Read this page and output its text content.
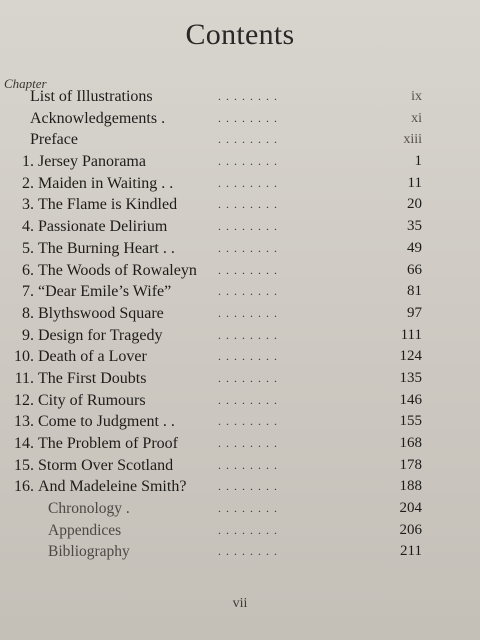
Contents
Chapter
List of Illustrations	. . . . . . . .	ix
Acknowledgements .	. . . . . . . .	xi
Preface	. . . . . . . .	xiii
1. Jersey Panorama	. . . . . . . .	1
2. Maiden in Waiting . .	. . . . . . . .	11
3. The Flame is Kindled	. . . . . . . .	20
4. Passionate Delirium	. . . . . . . .	35
5. The Burning Heart . .	. . . . . . . .	49
6. The Woods of Rowaleyn . . . . . . . .	66
7. “Dear Emile’s Wife”	. . . . . . . .	81
8. Blythswood Square	. . . . . . . .	97
9. Design for Tragedy	. . . . . . . .	111
10. Death of a Lover	. . . . . . . .	124
11. The First Doubts	. . . . . . . .	135
12. City of Rumours	. . . . . . . .	146
13. Come to Judgment . .	. . . . . . . .	155
14. The Problem of Proof	. . . . . . . .	168
15. Storm Over Scotland	. . . . . . . .	178
16. And Madeleine Smith?	. . . . . . . .	188
Chronology .	. . . . . . . .	204
Appendices	. . . . . . . .	206
Bibliography	. . . . . . . .	211
vii
